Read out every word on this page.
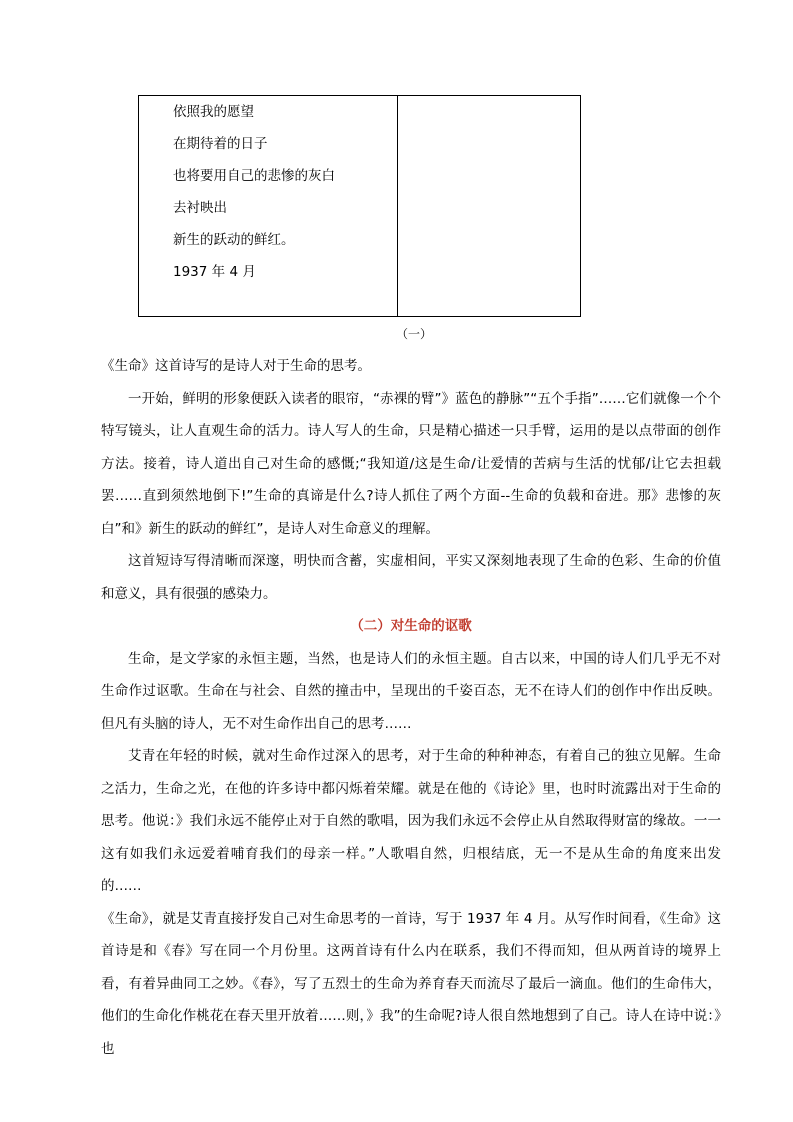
依照我的愿望
在期待着的日子
也将要用自己的悲惨的灰白
去衬映出
新生的跃动的鲜红。
1937 年 4 月
（一）

《生命》这首诗写的是诗人对于生命的思考。

一开始，鲜明的形象便跃入读者的眼帘，“赤裸的臂”》蓝色的静脉”“五个手指”……它们就像一个个特写镜头，让人直观生命的活力。诗人写人的生命，只是精心描述一只手臂，运用的是以点带面的创作方法。接着，诗人道出自己对生命的感慨;“我知道/这是生命/让爱情的苦病与生活的忧郁/让它去担载罢……直到须然地倒下!”生命的真谛是什么?诗人抓住了两个方面--生命的负载和奋进。那》悲惨的灰白”和》新生的跃动的鲜红”，是诗人对生命意义的理解。

这首短诗写得清晰而深邃，明快而含蓄，实虚相间，平实又深刻地表现了生命的色彩、生命的价值和意义，具有很强的感染力。

（二）对生命的讴歌

生命，是文学家的永恒主题，当然，也是诗人们的永恒主题。自古以来，中国的诗人们几乎无不对生命作过讴歌。生命在与社会、自然的撞击中，呈现出的千姿百态，无不在诗人们的创作中作出反映。但凡有头脑的诗人，无不对生命作出自己的思考……

艾青在年轻的时候，就对生命作过深入的思考，对于生命的种种神态，有着自己的独立见解。生命之活力，生命之光，在他的许多诗中都闪烁着荣耀。就是在他的《诗论》里，也时时流露出对于生命的思考。他说：》我们永远不能停止对于自然的歌唱，因为我们永远不会停止从自然取得财富的缘故。一一这有如我们永远爱着哺育我们的母亲一样。”人歌唱自然，归根结底，无一不是从生命的角度来出发的……

《生命》，就是艾青直接抒发自己对生命思考的一首诗，写于 1937 年 4 月。从写作时间看，《生命》这首诗是和《春》写在同一个月份里。这两首诗有什么内在联系，我们不得而知，但从两首诗的境界上看，有着异曲同工之妙。《春》，写了五烈士的生命为养育春天而流尽了最后一滴血。他们的生命伟大，他们的生命化作桃花在春天里开放着……则，》我”的生命呢?诗人很自然地想到了自己。诗人在诗中说：》也
